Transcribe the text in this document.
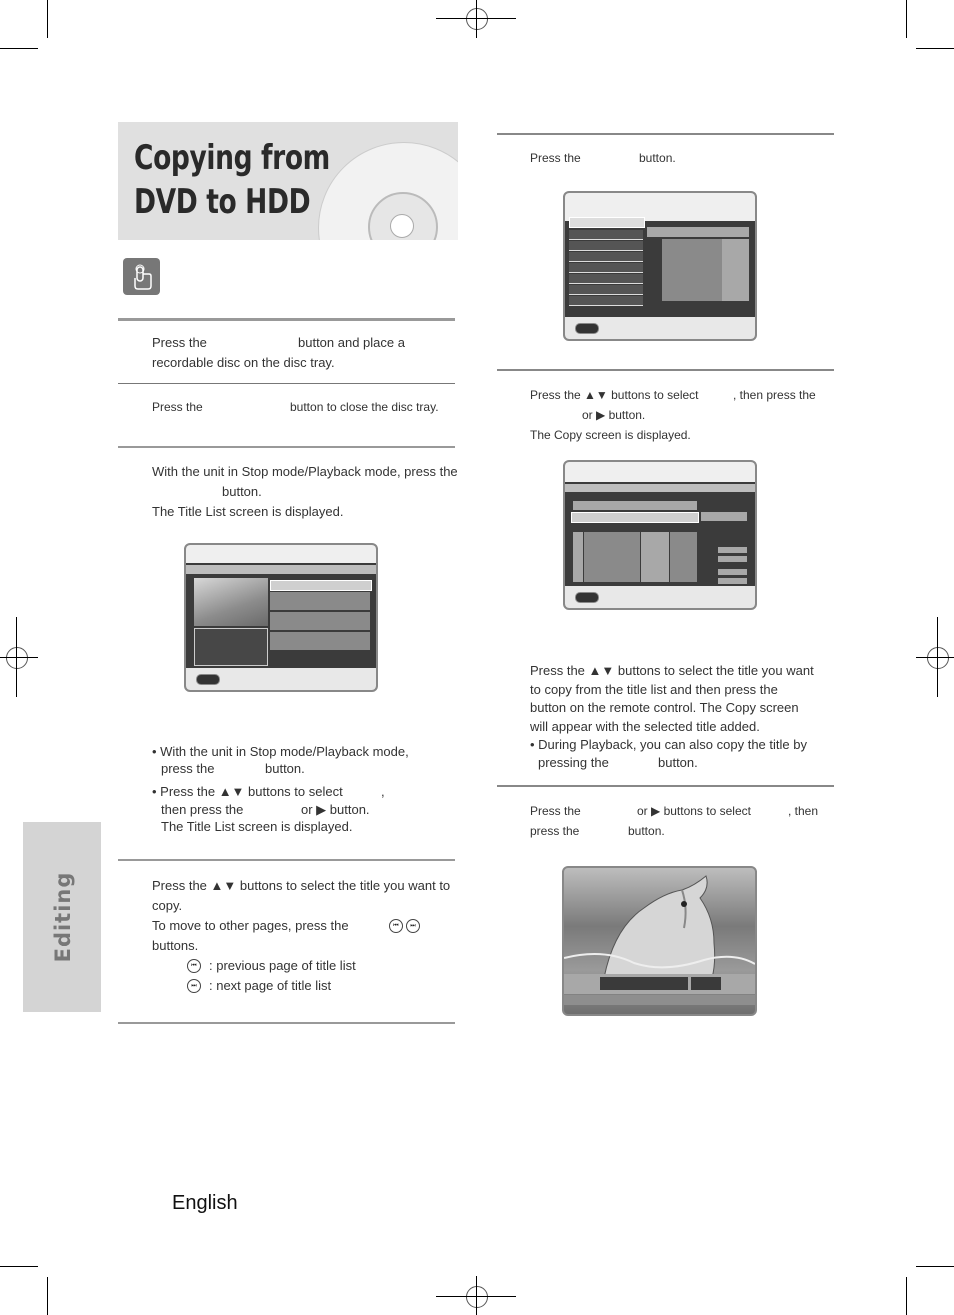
Copying from DVD to HDD
Press the	button and place a
recordable disc on the disc tray.
Press the	button to close the disc tray.
With the unit in Stop mode/Playback mode, press the
button.
The Title List screen is displayed.
• With the unit in Stop mode/Playback mode,
press the	button.
• Press the ▲▼ buttons to select	,
then press the	or ▶ button.
The Title List screen is displayed.
Press the ▲▼ buttons to select the title you want to
copy.
To move to other pages, press the	⏮	⏭
buttons.
⏮ : previous page of title list
⏭ : next page of title list
Editing
English
Press the	button.
Press the ▲▼ buttons to select	, then press the
or ▶ button.
The Copy screen is displayed.
Press the ▲▼ buttons to select the title you want
to copy from the title list and then press the
button on the remote control. The Copy screen
will appear with the selected title added.
• During Playback, you can also copy the title by
pressing the	button.
Press the	or ▶ buttons to select	, then
press the	button.
